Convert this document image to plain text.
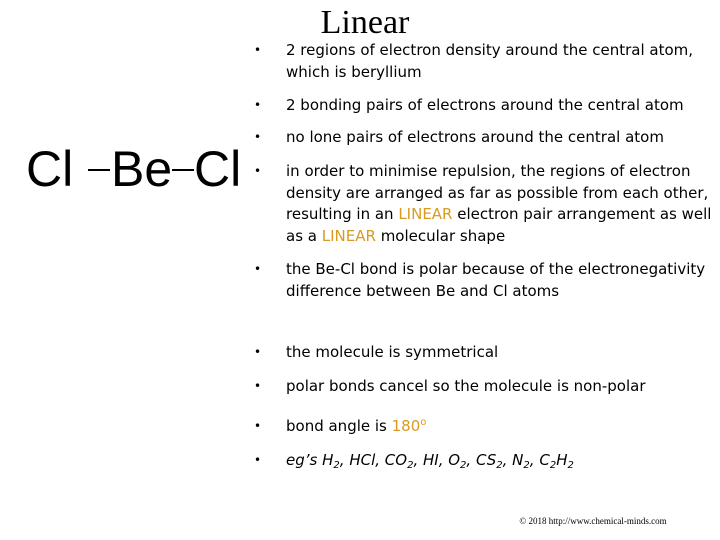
Linear
Cl Be Cl
•	2 regions of electron density around the central atom, which is beryllium
•	2 bonding pairs of electrons around the central atom
•	no lone pairs of electrons around the central atom
•	in order to minimise repulsion, the regions of electron density are arranged as far as possible from each other, resulting in an LINEAR electron pair arrangement as well as a LINEAR molecular shape
•	the Be-Cl bond is polar because of the electronegativity difference between Be and Cl atoms
•	the molecule is symmetrical
•	polar bonds cancel so the molecule is non-polar
•	bond angle is 180$^o$
•	eg’s $H_2$, HCl, $CO_2$, HI, $O_2$, $CS_2$, $N_2$, $C_2H_2$
© 2018 http://www.chemical-minds.com
